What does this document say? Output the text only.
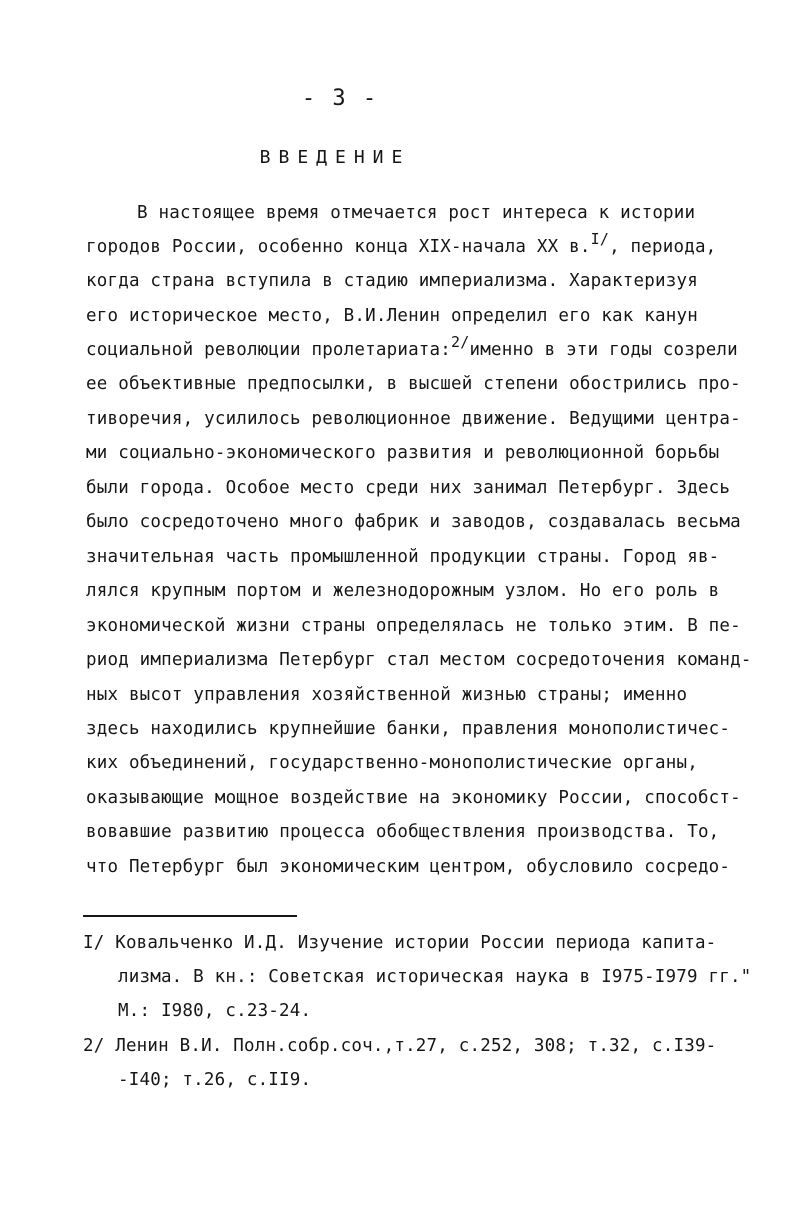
- 3 -
ВВЕДЕНИЕ
В настоящее время отмечается рост интереса к истории
городов России, особенно конца XIX-начала XX в.$^{I/}$, периода,
когда страна вступила в стадию империализма. Характеризуя
его историческое место, В.И.Ленин определил его как канун
социальной революции пролетариата:$^{2/}$именно в эти годы созрели
ее объективные предпосылки, в высшей степени обострились про-
тиворечия, усилилось революционное движение. Ведущими центра-
ми социально-экономического развития и революционной борьбы
были города. Особое место среди них занимал Петербург. Здесь
было сосредоточено много фабрик и заводов, создавалась весьма
значительная часть промышленной продукции страны. Город яв-
лялся крупным портом и железнодорожным узлом. Но его роль в
экономической жизни страны определялась не только этим. В пе-
риод империализма Петербург стал местом сосредоточения команд-
ных высот управления хозяйственной жизнью страны; именно
здесь находились крупнейшие банки, правления монополистичес-
ких объединений, государственно-монополистические органы,
оказывающие мощное воздействие на экономику России, способст-
вовавшие развитию процесса обобществления производства. То,
что Петербург был экономическим центром, обусловило сосредо-
I/ Ковальченко И.Д. Изучение истории России периода капита-
лизма. В кн.: Советская историческая наука в I975-I979 гг."
М.: I980, с.23-24.
2/ Ленин В.И. Полн.собр.соч.,т.27, с.252, 308; т.32, с.I39-
-I40; т.26, с.II9.
